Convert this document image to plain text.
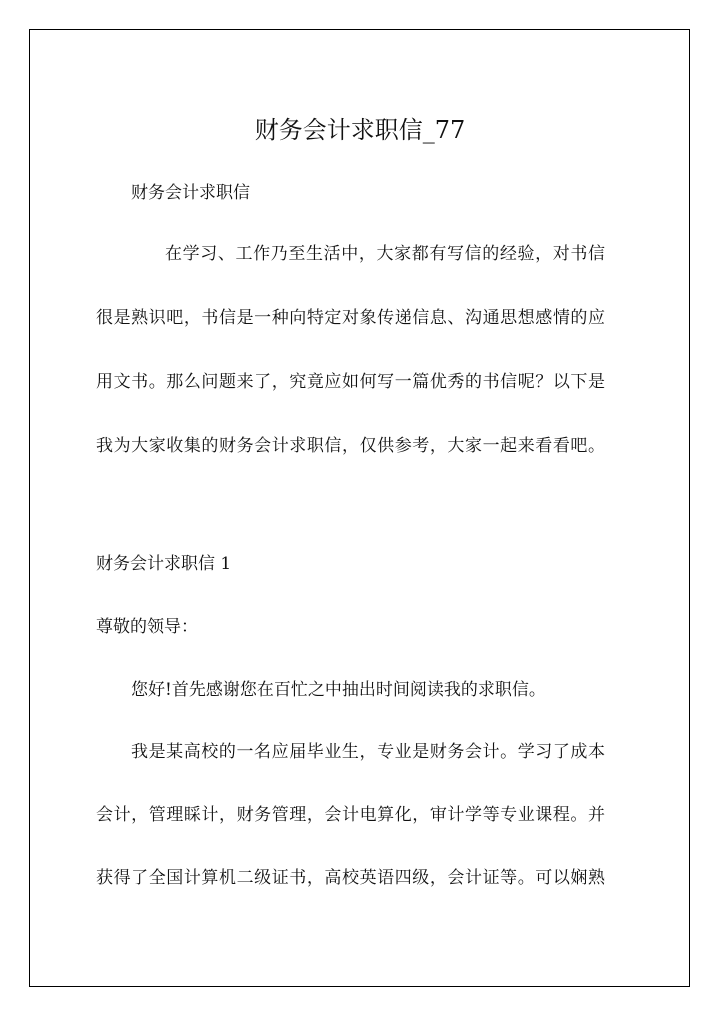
财务会计求职信_77
财务会计求职信
在学习、工作乃至生活中，大家都有写信的经验，对书信
很是熟识吧，书信是一种向特定对象传递信息、沟通思想感情的应
用文书。那么问题来了，究竟应如何写一篇优秀的书信呢？以下是
我为大家收集的财务会计求职信，仅供参考，大家一起来看看吧。
财务会计求职信 1
尊敬的领导：
您好!首先感谢您在百忙之中抽出时间阅读我的求职信。
我是某高校的一名应届毕业生，专业是财务会计。学习了成本
会计，管理睬计，财务管理，会计电算化，审计学等专业课程。并
获得了全国计算机二级证书，高校英语四级，会计证等。可以娴熟
